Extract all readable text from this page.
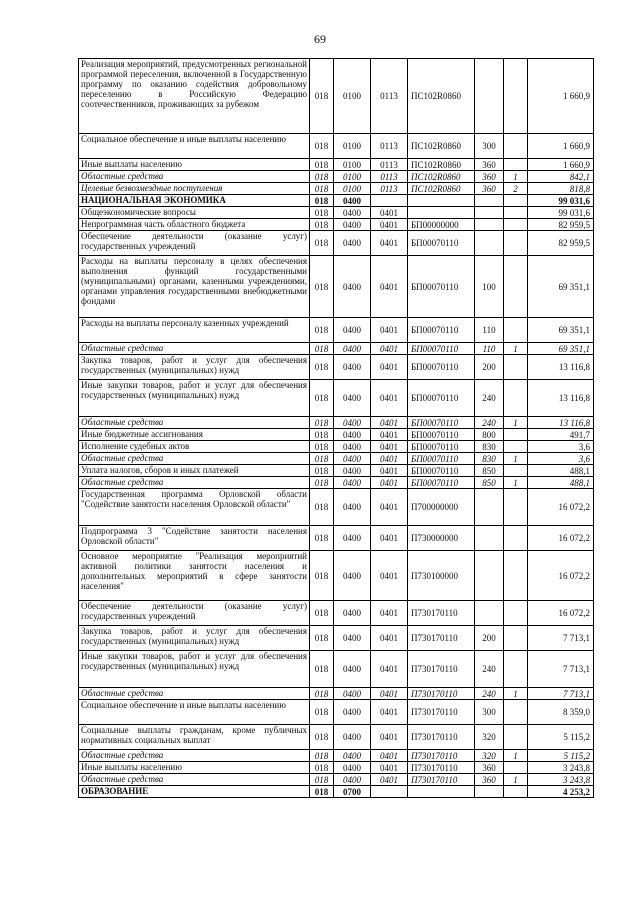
69
Реализация мероприятий, предусмотренных региональной программой переселения, включенной в Государственную программу по оказанию содействия добровольному переселению в Российскую Федерацию соотечественников, проживающих за рубежом	018	0100	0113	ПС102R0860			1 660,9
Социальное обеспечение и иные выплаты населению	018	0100	0113	ПС102R0860	300		1 660,9
Иные выплаты населению	018	0100	0113	ПС102R0860	360		1 660,9
Областные средства	018	0100	0113	ПС102R0860	360	1	842,1
Целевые безвозмездные поступления	018	0100	0113	ПС102R0860	360	2	818,8
НАЦИОНАЛЬНАЯ ЭКОНОМИКА	018	0400					99 031,6
Общеэкономические вопросы	018	0400	0401				99 031,6
Непрограммная часть областного бюджета	018	0400	0401	БП00000000			82 959,5
Обеспечение деятельности (оказание услуг) государственных учреждений	018	0400	0401	БП00070110			82 959,5
Расходы на выплаты персоналу в целях обеспечения выполнения функций государственными (муниципальными) органами, казенными учреждениями, органами управления государственными внебюджетными фондами	018	0400	0401	БП00070110	100		69 351,1
Расходы на выплаты персоналу казенных учреждений	018	0400	0401	БП00070110	110		69 351,1
Областные средства	018	0400	0401	БП00070110	110	1	69 351,1
Закупка товаров, работ и услуг для обеспечения государственных (муниципальных) нужд	018	0400	0401	БП00070110	200		13 116,8
Иные закупки товаров, работ и услуг для обеспечения государственных (муниципальных) нужд	018	0400	0401	БП00070110	240		13 116,8
Областные средства	018	0400	0401	БП00070110	240	1	13 116,8
Иные бюджетные ассигнования	018	0400	0401	БП00070110	800		491,7
Исполнение судебных актов	018	0400	0401	БП00070110	830		3,6
Областные средства	018	0400	0401	БП00070110	830	1	3,6
Уплата налогов, сборов и иных платежей	018	0400	0401	БП00070110	850		488,1
Областные средства	018	0400	0401	БП00070110	850	1	488,1
Государственная программа Орловской области "Содействие занятости населения Орловской области"	018	0400	0401	П700000000			16 072,2
Подпрограмма 3 "Содействие занятости населения Орловской области"	018	0400	0401	П730000000			16 072,2
Основное мероприятие "Реализация мероприятий активной политики занятости населения и дополнительных мероприятий в сфере занятости населения"	018	0400	0401	П730100000			16 072,2
Обеспечение деятельности (оказание услуг) государственных учреждений	018	0400	0401	П730170110			16 072,2
Закупка товаров, работ и услуг для обеспечения государственных (муниципальных) нужд	018	0400	0401	П730170110	200		7 713,1
Иные закупки товаров, работ и услуг для обеспечения государственных (муниципальных) нужд	018	0400	0401	П730170110	240		7 713,1
Областные средства	018	0400	0401	П730170110	240	1	7 713,1
Социальное обеспечение и иные выплаты населению	018	0400	0401	П730170110	300		8 359,0
Социальные выплаты гражданам, кроме публичных нормативных социальных выплат	018	0400	0401	П730170110	320		5 115,2
Областные средства	018	0400	0401	П730170110	320	1	5 115,2
Иные выплаты населению	018	0400	0401	П730170110	360		3 243,8
Областные средства	018	0400	0401	П730170110	360	1	3 243,8
ОБРАЗОВАНИЕ	018	0700					4 253,2
